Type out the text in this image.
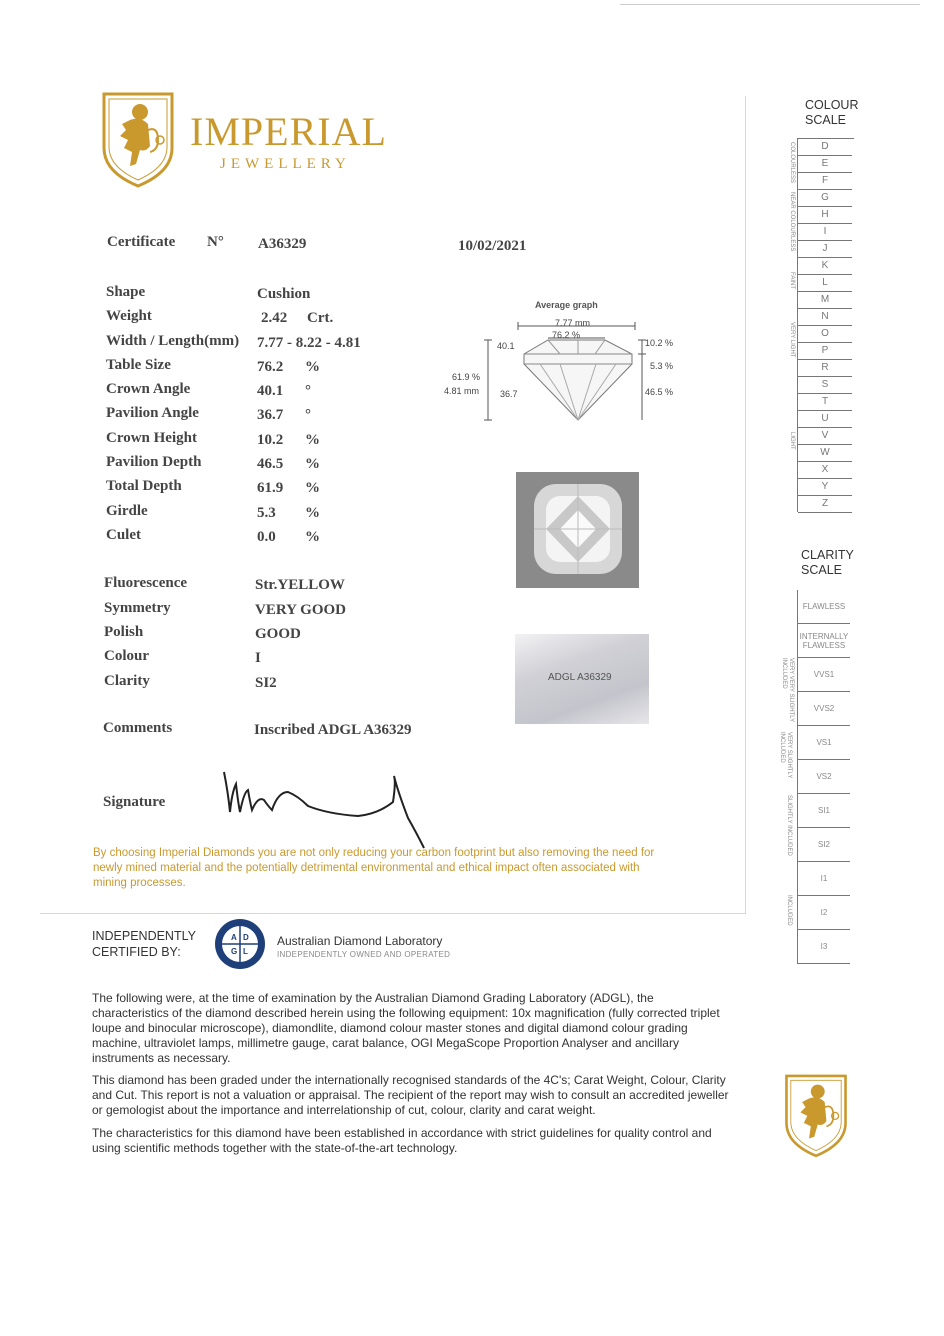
IMPERIAL
JEWELLERY
Certificate N° A36329	10/02/2021
Shape	Cushion
Weight	2.42 Crt.
Width / Length(mm) 7.77 - 8.22 - 4.81
Table Size	76.2 %
Crown Angle	40.1 °
Pavilion Angle	36.7 °
Crown Height	10.2 %
Pavilion Depth	46.5 %
Total Depth	61.9 %
Girdle	5.3 %
Culet	0.0 %
Fluorescence	Str.YELLOW
Symmetry	VERY GOOD
Polish	GOOD
Colour	I
Clarity	SI2
Comments	Inscribed ADGL A36329
Signature
Average graph
7.77 mm
76.2 %
40.1	10.2 %
5.3 %
61.9 %
4.81 mm 36.7	46.5 %
ADGL A36329
By choosing Imperial Diamonds you are not only reducing your carbon footprint but also removing the need for newly mined material and the potentially detrimental environmental and ethical impact often associated with mining processes.
INDEPENDENTLY
CERTIFIED BY:
A D
G L
Australian Diamond Laboratory
INDEPENDENTLY OWNED AND OPERATED
The following were, at the time of examination by the Australian Diamond Grading Laboratory (ADGL), the characteristics of the diamond described herein using the following equipment: 10x magnification (fully corrected triplet loupe and binocular microscope), diamondlite, diamond colour master stones and digital diamond colour grading machine, ultraviolet lamps, millimetre gauge, carat balance, OGI MegaScope Proportion Analyser and ancillary instruments as necessary.
This diamond has been graded under the internationally recognised standards of the 4C's; Carat Weight, Colour, Clarity and Cut. This report is not a valuation or appraisal. The recipient of the report may wish to consult an accredited jeweller or gemologist about the importance and interrelationship of cut, colour, clarity and carat weight.
The characteristics for this diamond have been established in accordance with strict guidelines for quality control and using scientific methods together with the state-of-the-art technology.
COLOUR
SCALE
D
E
F
G
H
I
J
K
L
M
N
O
P
R
S
T
U
V
W
X
Y
Z
COLOURLESS
NEAR COLOURLESS
FAINT
VERY LIGHT
LIGHT
CLARITY
SCALE
FLAWLESS
INTERNALLY FLAWLESS
VVS1
VVS2
VS1
VS2
SI1
SI2
I1
I2
I3
VERY VERY SLIGHTLY INCLUDED
VERY SLIGHTLY INCLUDED
SLIGHTLY INCLUDED
INCLUDED
